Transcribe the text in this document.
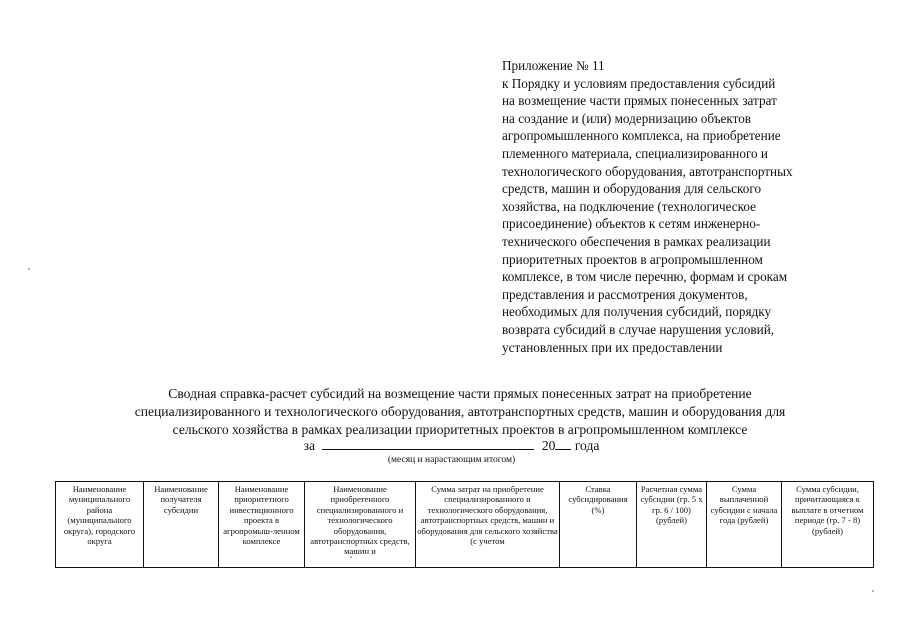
Приложение № 11
к Порядку и условиям предоставления субсидий
на возмещение части прямых понесенных затрат
на создание и (или) модернизацию объектов
агропромышленного комплекса, на приобретение
племенного материала, специализированного и
технологического оборудования, автотранспортных
средств, машин и оборудования для сельского
хозяйства, на подключение (технологическое
присоединение) объектов к сетям инженерно-
технического обеспечения в рамках реализации
приоритетных проектов в агропромышленном
комплексе, в том числе перечню, формам и срокам
представления и рассмотрения документов,
необходимых для получения субсидий, порядку
возврата субсидий в случае нарушения условий,
установленных при их предоставлении
Сводная справка-расчет субсидий на возмещение части прямых понесенных затрат на приобретение
специализированного и технологического оборудования, автотранспортных средств, машин и оборудования для
сельского хозяйства в рамках реализации приоритетных проектов в агропромышленном комплексе
за	20 года
(месяц и нарастающим итогом)
Наименование муниципального района (муниципального округа), городского округа	Наименование получателя субсидии	Наименование приоритетного инвестиционного проекта в агропромыш-ленном комплексе	Наименование приобретенного специализированного и технологического оборудования, автотранспортных средств, машин и	Сумма затрат на приобретение специализированного и технологического оборудования, автотранспортных средств, машин и оборудования для сельского хозяйства (с учетом	Ставка субсидирования (%)	Расчетная сумма субсидии (гр. 5 х гр. 6 / 100) (рублей)	Сумма выплаченной субсидии с начала года (рублей)	Сумма субсидии, причитающаяся к выплате в отчетном периоде (гр. 7 - 8) (рублей)
